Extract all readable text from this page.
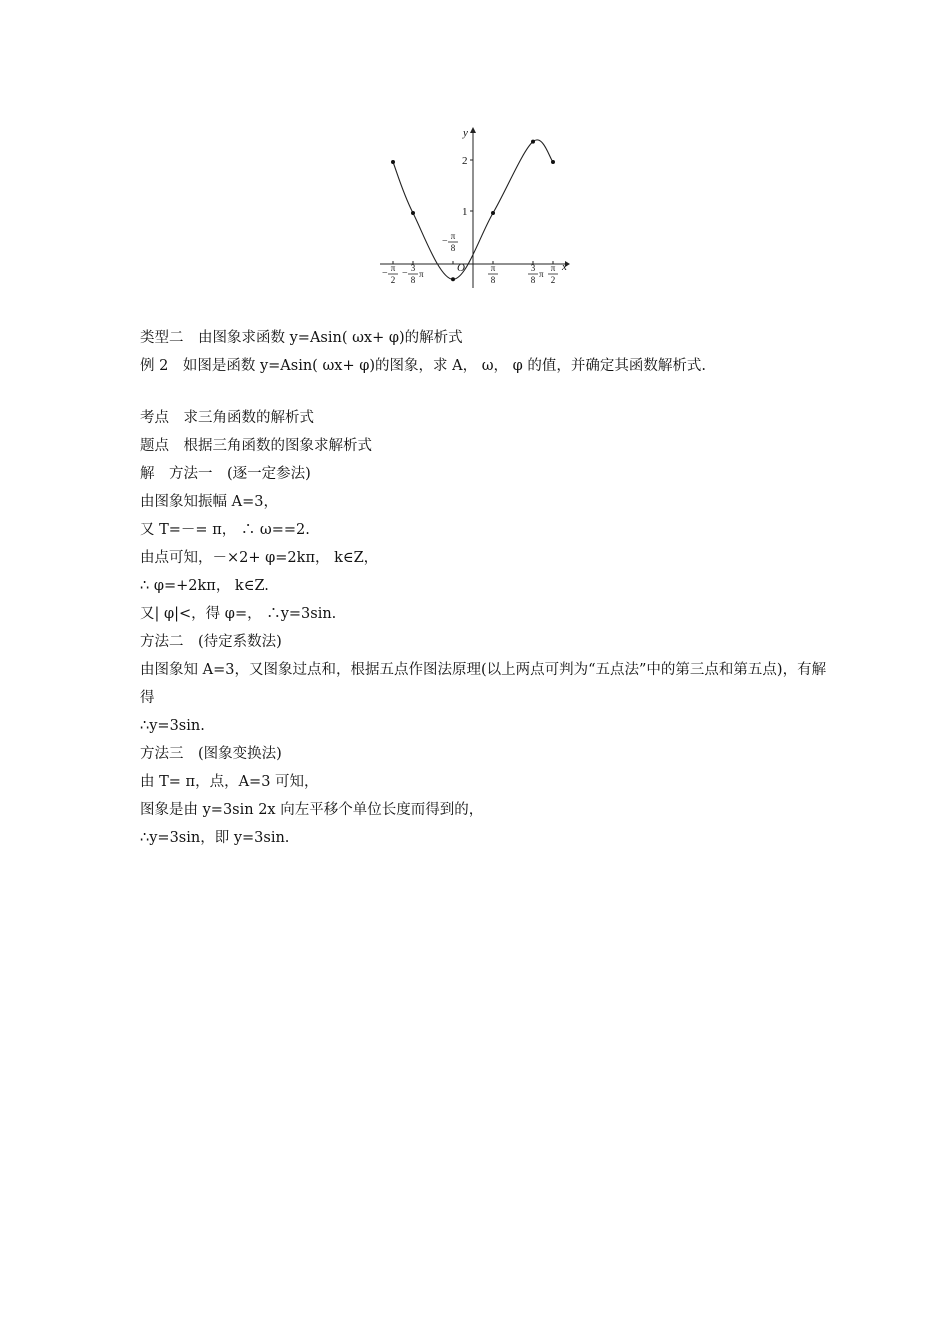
x
y
O
1
2
− π
2
− 3
8
π
− π
8
π
8
3
8
π
π
2
类型二　由图象求函数 y=Asin( ωx+ φ)的解析式
例 2　如图是函数 y=Asin( ωx+ φ)的图象，求 A， ω， φ 的值，并确定其函数解析式.
考点　求三角函数的解析式
题点　根据三角函数的图象求解析式
解　方法一　(逐一定参法)
由图象知振幅 A=3，
又 T=－= π， ∴ ω==2.
由点可知，－×2+ φ=2kπ， k∈Z，
∴ φ=+2kπ， k∈Z.
又| φ|<，得 φ=， ∴y=3sin.
方法二　(待定系数法)
由图象知 A=3，又图象过点和，根据五点作图法原理(以上两点可判为“五点法”中的第三点和第五点)，有解得
∴y=3sin.
方法三　(图象变换法)
由 T= π，点，A=3 可知，
图象是由 y=3sin 2x 向左平移个单位长度而得到的，
∴y=3sin，即 y=3sin.
